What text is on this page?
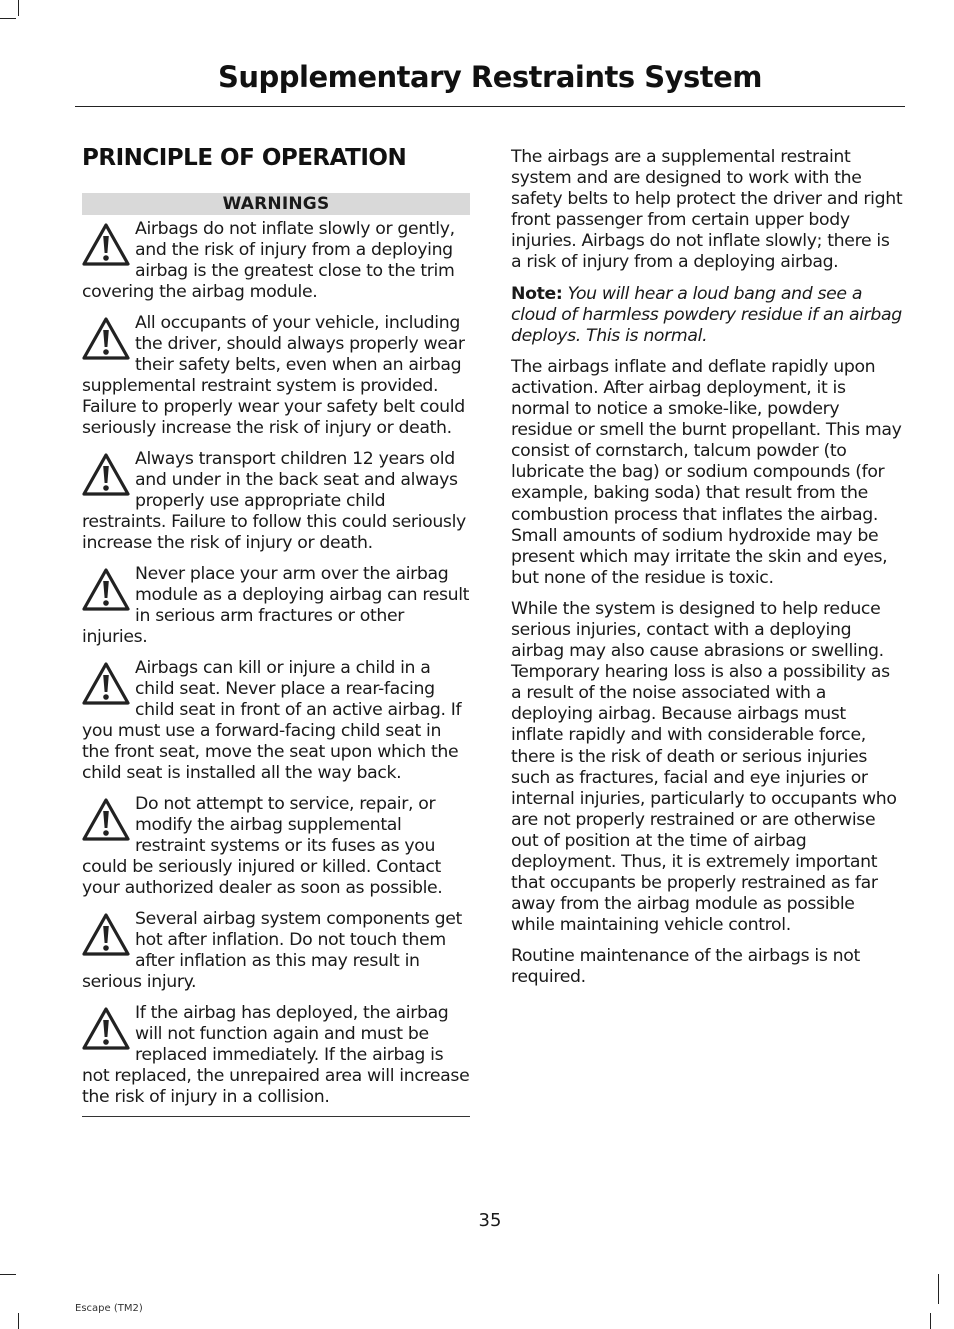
Supplementary Restraints System
PRINCIPLE OF OPERATION
WARNINGS
Airbags do not inflate slowly or gently, and the risk of injury from a deploying airbag is the greatest close to the trim covering the airbag module.
All occupants of your vehicle, including the driver, should always properly wear their safety belts, even when an airbag supplemental restraint system is provided. Failure to properly wear your safety belt could seriously increase the risk of injury or death.
Always transport children 12 years old and under in the back seat and always properly use appropriate child restraints. Failure to follow this could seriously increase the risk of injury or death.
Never place your arm over the airbag module as a deploying airbag can result in serious arm fractures or other injuries.
Airbags can kill or injure a child in a child seat. Never place a rear-facing child seat in front of an active airbag. If you must use a forward-facing child seat in the front seat, move the seat upon which the child seat is installed all the way back.
Do not attempt to service, repair, or modify the airbag supplemental restraint systems or its fuses as you could be seriously injured or killed. Contact your authorized dealer as soon as possible.
Several airbag system components get hot after inflation. Do not touch them after inflation as this may result in serious injury.
If the airbag has deployed, the airbag will not function again and must be replaced immediately. If the airbag is not replaced, the unrepaired area will increase the risk of injury in a collision.

The airbags are a supplemental restraint system and are designed to work with the safety belts to help protect the driver and right front passenger from certain upper body injuries. Airbags do not inflate slowly; there is a risk of injury from a deploying airbag.

Note: You will hear a loud bang and see a cloud of harmless powdery residue if an airbag deploys. This is normal.

The airbags inflate and deflate rapidly upon activation. After airbag deployment, it is normal to notice a smoke-like, powdery residue or smell the burnt propellant. This may consist of cornstarch, talcum powder (to lubricate the bag) or sodium compounds (for example, baking soda) that result from the combustion process that inflates the airbag. Small amounts of sodium hydroxide may be present which may irritate the skin and eyes, but none of the residue is toxic.

While the system is designed to help reduce serious injuries, contact with a deploying airbag may also cause abrasions or swelling. Temporary hearing loss is also a possibility as a result of the noise associated with a deploying airbag. Because airbags must inflate rapidly and with considerable force, there is the risk of death or serious injuries such as fractures, facial and eye injuries or internal injuries, particularly to occupants who are not properly restrained or are otherwise out of position at the time of airbag deployment. Thus, it is extremely important that occupants be properly restrained as far away from the airbag module as possible while maintaining vehicle control.

Routine maintenance of the airbags is not required.

35
Escape (TM2)
